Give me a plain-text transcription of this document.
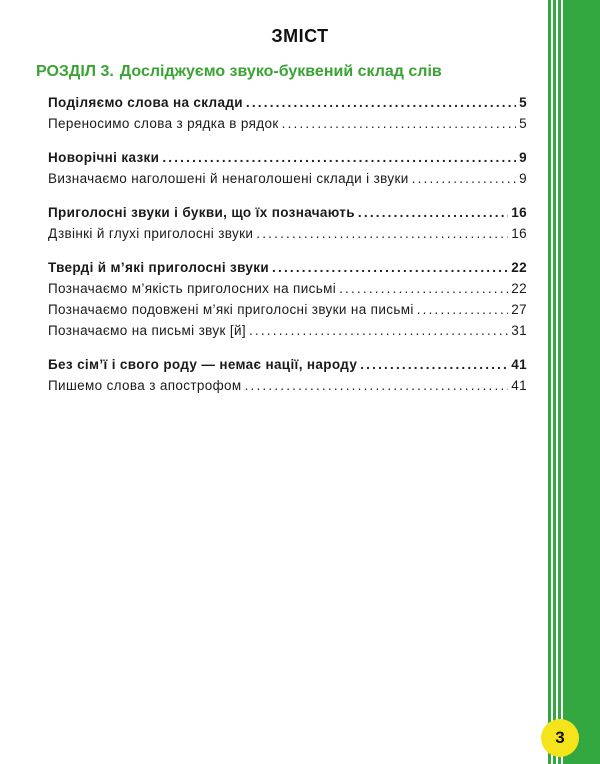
ЗМІСТ
РОЗДІЛ 3. Досліджуємо звуко-буквений склад слів
Поділяємо слова на склади .....	5
Переносимо слова з рядка в рядок .....	5
Новорічні казки .....	9
Визначаємо наголошені й ненаголошені склади і звуки .....	9
Приголосні звуки і букви, що їх позначають .....	16
Дзвінкі й глухі приголосні звуки .....	16
Тверді й м’які приголосні звуки .....	22
Позначаємо м’якість приголосних на письмі .....	22
Позначаємо подовжені м’які приголосні звуки на письмі .....	27
Позначаємо на письмі звук [й] .....	31
Без сім’ї і свого роду — немає нації, народу .....	41
Пишемо слова з апострофом .....	41
3
